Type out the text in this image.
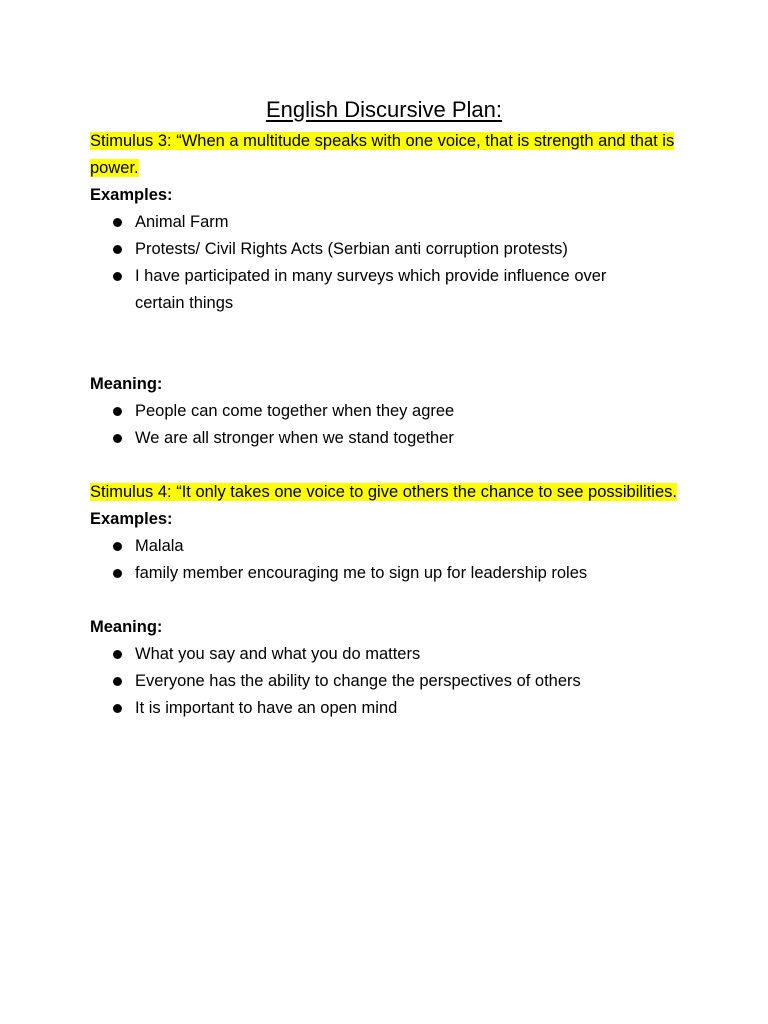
English Discursive Plan:

Stimulus 3: “When a multitude speaks with one voice, that is strength and that is power.

Examples:

Animal Farm
Protests/ Civil Rights Acts (Serbian anti corruption protests)
I have participated in many surveys which provide influence over certain things

Meaning:

People can come together when they agree
We are all stronger when we stand together

Stimulus 4: “It only takes one voice to give others the chance to see possibilities.

Examples:

Malala
family member encouraging me to sign up for leadership roles

Meaning:

What you say and what you do matters
Everyone has the ability to change the perspectives of others
It is important to have an open mind
